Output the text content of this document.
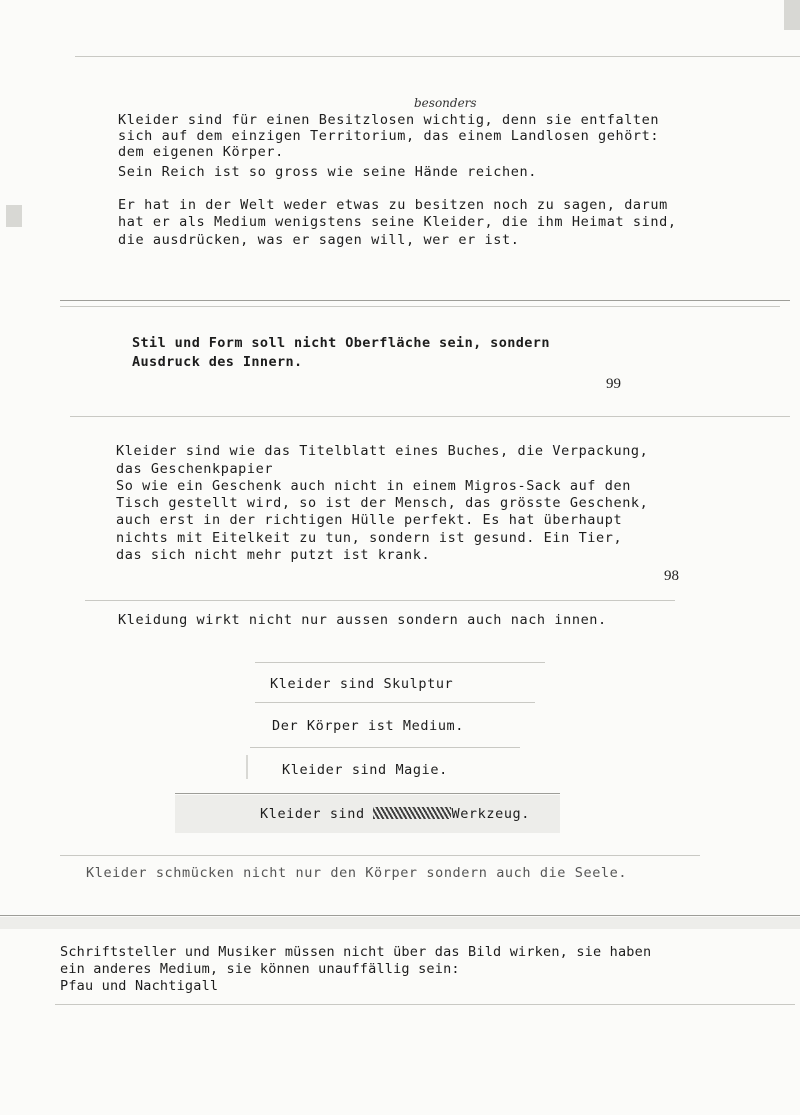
besonders
Kleider sind für einen Besitzlosen wichtig, denn sie entfalten
sich auf dem einzigen Territorium, das einem Landlosen gehört:
dem eigenen Körper.
Sein Reich ist so gross wie seine Hände reichen.
Er hat in der Welt weder etwas zu besitzen noch zu sagen, darum
hat er als Medium wenigstens seine Kleider, die ihm Heimat sind,
die ausdrücken, was er sagen will, wer er ist.
Stil und Form soll nicht Oberfläche sein, sondern
Ausdruck des Innern.
99
Kleider sind wie das Titelblatt eines Buches, die Verpackung,
das Geschenkpapier
So wie ein Geschenk auch nicht in einem Migros-Sack auf den
Tisch gestellt wird, so ist der Mensch, das grösste Geschenk,
auch erst in der richtigen Hülle perfekt. Es hat überhaupt
nichts mit Eitelkeit zu tun, sondern ist gesund. Ein Tier,
das sich nicht mehr putzt ist krank.
98
Kleidung wirkt nicht nur aussen sondern auch nach innen.
Kleider sind Skulptur
Der Körper ist Medium.
Kleider sind Magie.
Kleider sind	Werkzeug.
Kleider schmücken nicht nur den Körper sondern auch die Seele.
Schriftsteller und Musiker müssen nicht über das Bild wirken, sie haben
ein anderes Medium, sie können unauffällig sein:
Pfau und Nachtigall
